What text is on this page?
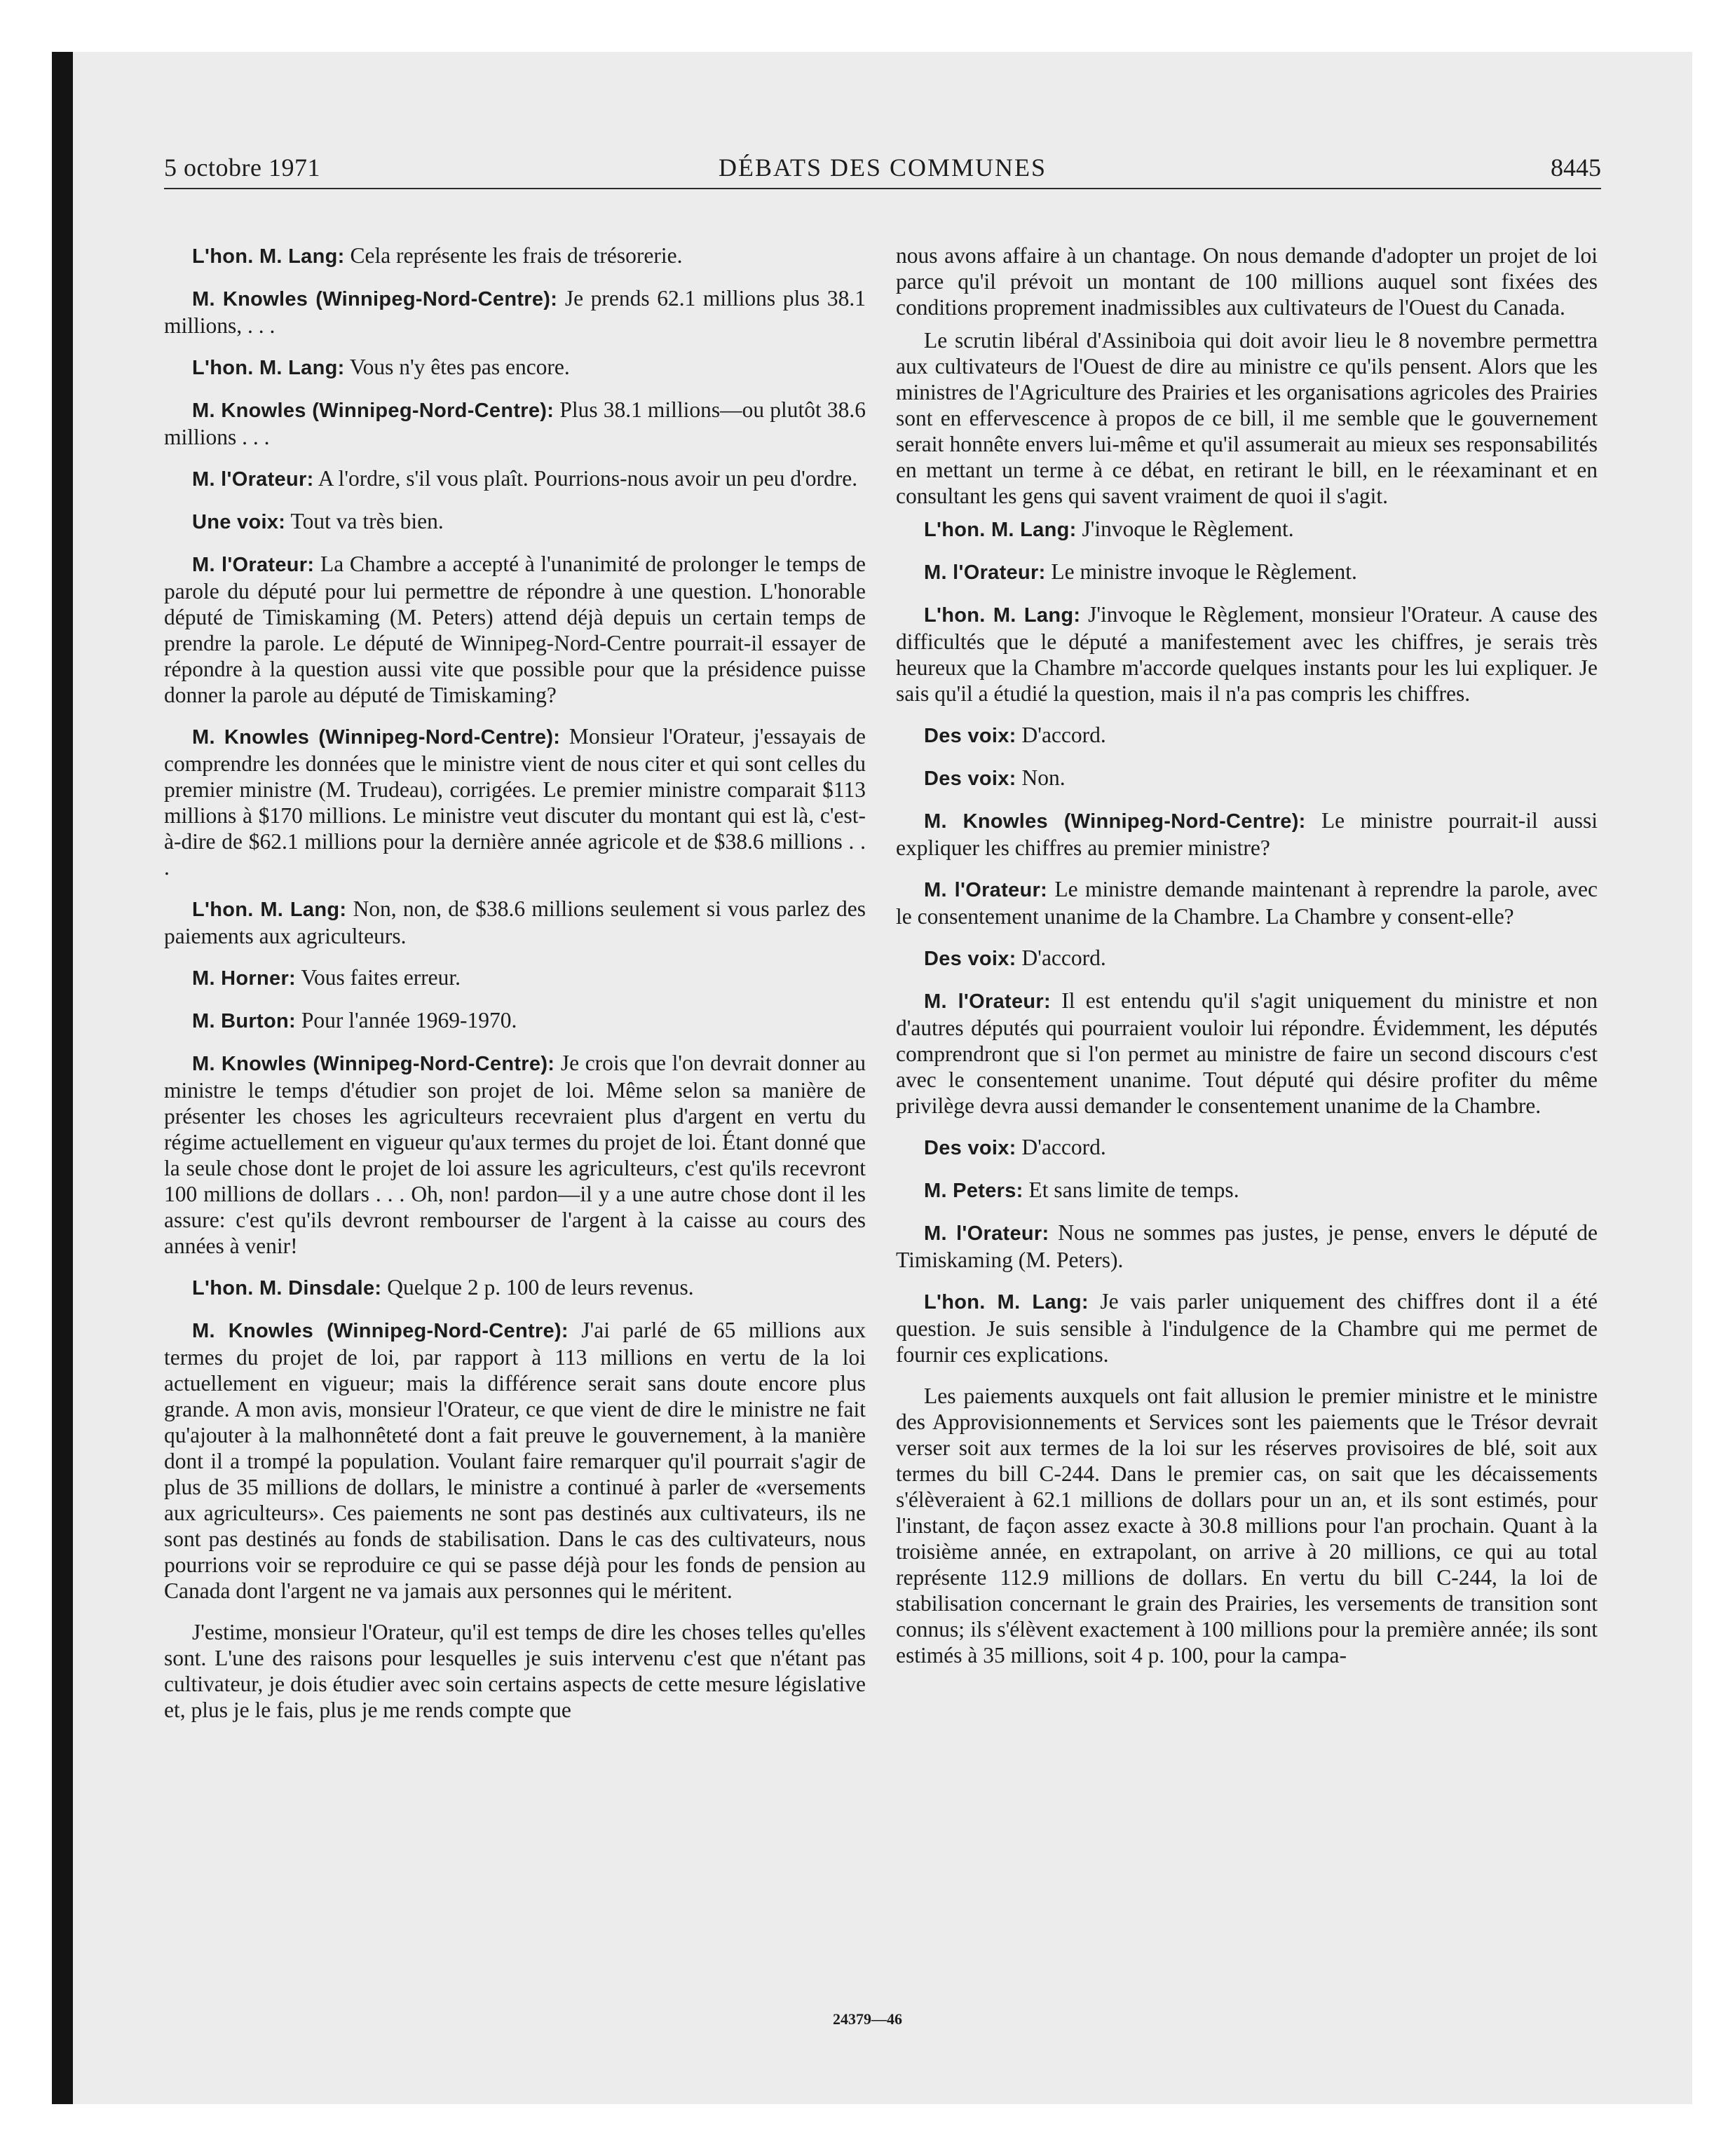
5 octobre 1971	DÉBATS DES COMMUNES	8445

L'hon. M. Lang: Cela représente les frais de trésorerie.

M. Knowles (Winnipeg-Nord-Centre): Je prends 62.1 millions plus 38.1 millions, . . .

L'hon. M. Lang: Vous n'y êtes pas encore.

M. Knowles (Winnipeg-Nord-Centre): Plus 38.1 millions—ou plutôt 38.6 millions . . .

M. l'Orateur: A l'ordre, s'il vous plaît. Pourrions-nous avoir un peu d'ordre.

Une voix: Tout va très bien.

M. l'Orateur: La Chambre a accepté à l'unanimité de prolonger le temps de parole du député pour lui permettre de répondre à une question. L'honorable député de Timiskaming (M. Peters) attend déjà depuis un certain temps de prendre la parole. Le député de Winnipeg-Nord-Centre pourrait-il essayer de répondre à la question aussi vite que possible pour que la présidence puisse donner la parole au député de Timiskaming?

M. Knowles (Winnipeg-Nord-Centre): Monsieur l'Orateur, j'essayais de comprendre les données que le ministre vient de nous citer et qui sont celles du premier ministre (M. Trudeau), corrigées. Le premier ministre comparait $113 millions à $170 millions. Le ministre veut discuter du montant qui est là, c'est-à-dire de $62.1 millions pour la dernière année agricole et de $38.6 millions . . .

L'hon. M. Lang: Non, non, de $38.6 millions seulement si vous parlez des paiements aux agriculteurs.

M. Horner: Vous faites erreur.

M. Burton: Pour l'année 1969-1970.

M. Knowles (Winnipeg-Nord-Centre): Je crois que l'on devrait donner au ministre le temps d'étudier son projet de loi. Même selon sa manière de présenter les choses les agriculteurs recevraient plus d'argent en vertu du régime actuellement en vigueur qu'aux termes du projet de loi. Étant donné que la seule chose dont le projet de loi assure les agriculteurs, c'est qu'ils recevront 100 millions de dollars . . . Oh, non! pardon—il y a une autre chose dont il les assure: c'est qu'ils devront rembourser de l'argent à la caisse au cours des années à venir!

L'hon. M. Dinsdale: Quelque 2 p. 100 de leurs revenus.

M. Knowles (Winnipeg-Nord-Centre): J'ai parlé de 65 millions aux termes du projet de loi, par rapport à 113 millions en vertu de la loi actuellement en vigueur; mais la différence serait sans doute encore plus grande. A mon avis, monsieur l'Orateur, ce que vient de dire le ministre ne fait qu'ajouter à la malhonnêteté dont a fait preuve le gouvernement, à la manière dont il a trompé la population. Voulant faire remarquer qu'il pourrait s'agir de plus de 35 millions de dollars, le ministre a continué à parler de «versements aux agriculteurs». Ces paiements ne sont pas destinés aux cultivateurs, ils ne sont pas destinés au fonds de stabilisation. Dans le cas des cultivateurs, nous pourrions voir se reproduire ce qui se passe déjà pour les fonds de pension au Canada dont l'argent ne va jamais aux personnes qui le méritent.

J'estime, monsieur l'Orateur, qu'il est temps de dire les choses telles qu'elles sont. L'une des raisons pour lesquelles je suis intervenu c'est que n'étant pas cultivateur, je dois étudier avec soin certains aspects de cette mesure législative et, plus je le fais, plus je me rends compte que

nous avons affaire à un chantage. On nous demande d'adopter un projet de loi parce qu'il prévoit un montant de 100 millions auquel sont fixées des conditions proprement inadmissibles aux cultivateurs de l'Ouest du Canada.

Le scrutin libéral d'Assiniboia qui doit avoir lieu le 8 novembre permettra aux cultivateurs de l'Ouest de dire au ministre ce qu'ils pensent. Alors que les ministres de l'Agriculture des Prairies et les organisations agricoles des Prairies sont en effervescence à propos de ce bill, il me semble que le gouvernement serait honnête envers lui-même et qu'il assumerait au mieux ses responsabilités en mettant un terme à ce débat, en retirant le bill, en le réexaminant et en consultant les gens qui savent vraiment de quoi il s'agit.

L'hon. M. Lang: J'invoque le Règlement.

M. l'Orateur: Le ministre invoque le Règlement.

L'hon. M. Lang: J'invoque le Règlement, monsieur l'Orateur. A cause des difficultés que le député a manifestement avec les chiffres, je serais très heureux que la Chambre m'accorde quelques instants pour les lui expliquer. Je sais qu'il a étudié la question, mais il n'a pas compris les chiffres.

Des voix: D'accord.

Des voix: Non.

M. Knowles (Winnipeg-Nord-Centre): Le ministre pourrait-il aussi expliquer les chiffres au premier ministre?

M. l'Orateur: Le ministre demande maintenant à reprendre la parole, avec le consentement unanime de la Chambre. La Chambre y consent-elle?

Des voix: D'accord.

M. l'Orateur: Il est entendu qu'il s'agit uniquement du ministre et non d'autres députés qui pourraient vouloir lui répondre. Évidemment, les députés comprendront que si l'on permet au ministre de faire un second discours c'est avec le consentement unanime. Tout député qui désire profiter du même privilège devra aussi demander le consentement unanime de la Chambre.

Des voix: D'accord.

M. Peters: Et sans limite de temps.

M. l'Orateur: Nous ne sommes pas justes, je pense, envers le député de Timiskaming (M. Peters).

L'hon. M. Lang: Je vais parler uniquement des chiffres dont il a été question. Je suis sensible à l'indulgence de la Chambre qui me permet de fournir ces explications.

Les paiements auxquels ont fait allusion le premier ministre et le ministre des Approvisionnements et Services sont les paiements que le Trésor devrait verser soit aux termes de la loi sur les réserves provisoires de blé, soit aux termes du bill C-244. Dans le premier cas, on sait que les décaissements s'élèveraient à 62.1 millions de dollars pour un an, et ils sont estimés, pour l'instant, de façon assez exacte à 30.8 millions pour l'an prochain. Quant à la troisième année, en extrapolant, on arrive à 20 millions, ce qui au total représente 112.9 millions de dollars. En vertu du bill C-244, la loi de stabilisation concernant le grain des Prairies, les versements de transition sont connus; ils s'élèvent exactement à 100 millions pour la première année; ils sont estimés à 35 millions, soit 4 p. 100, pour la campa-

24379—46
